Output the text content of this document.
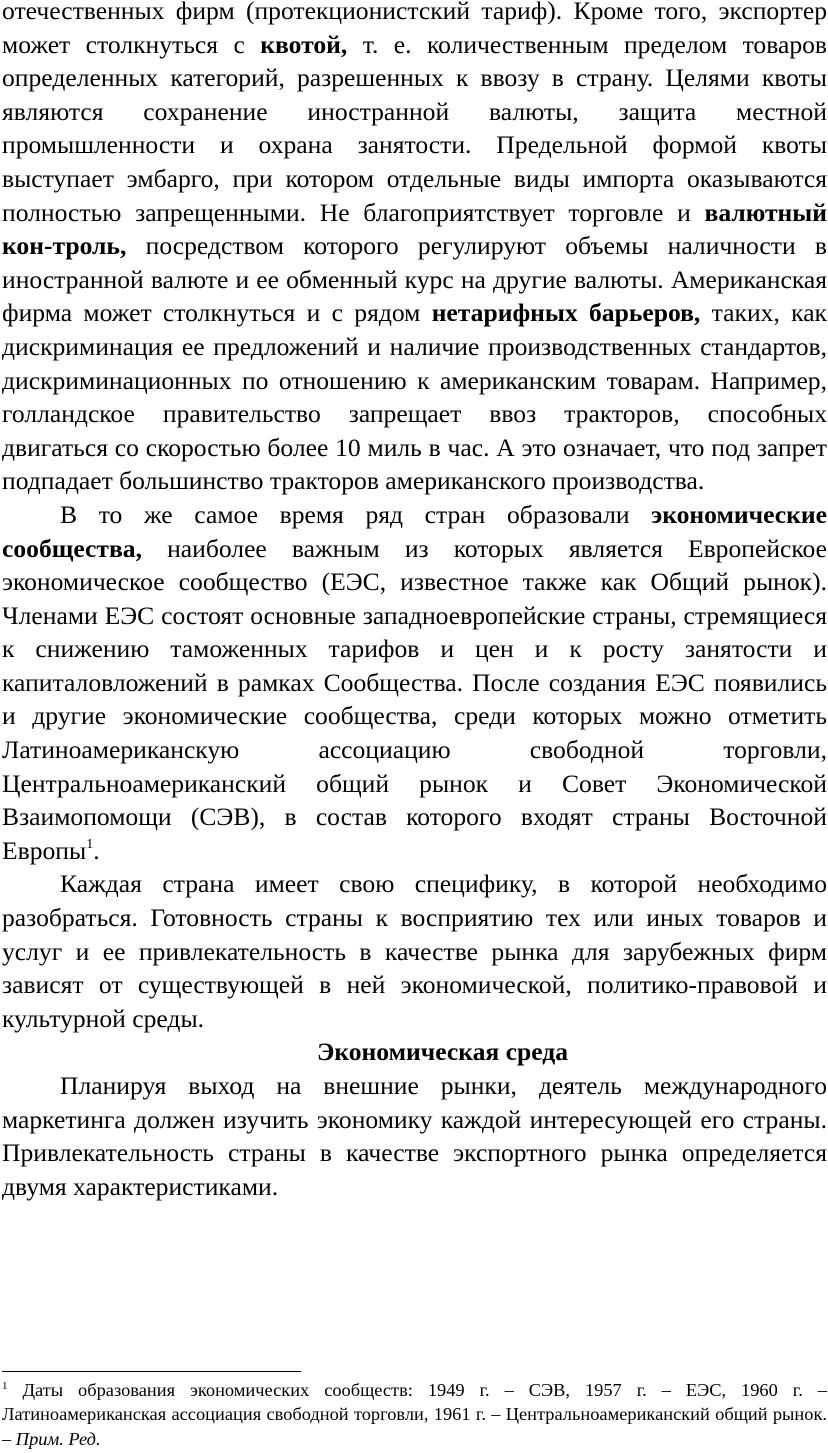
отечественных фирм (протекционистский тариф). Кроме того, экспортер может столкнуться с квотой, т. е. количественным пределом товаров определенных категорий, разрешенных к ввозу в страну. Целями квоты являются сохранение иностранной валюты, защита местной промышленности и охрана занятости. Предельной формой квоты выступает эмбарго, при котором отдельные виды импорта оказываются полностью запрещенными. Не благоприятствует торговле и валютный кон-троль, посредством которого регулируют объемы наличности в иностранной валюте и ее обменный курс на другие валюты. Американская фирма может столкнуться и с рядом нетарифных барьеров, таких, как дискриминация ее предложений и наличие производственных стандартов, дискриминационных по отношению к американским товарам. Например, голландское правительство запрещает ввоз тракторов, способных двигаться со скоростью более 10 миль в час. А это означает, что под запрет подпадает большинство тракторов американского производства.

В то же самое время ряд стран образовали экономические сообщества, наиболее важным из которых является Европейское экономическое сообщество (ЕЭС, известное также как Общий рынок). Членами ЕЭС состоят основные западноевропейские страны, стремящиеся к снижению таможенных тарифов и цен и к росту занятости и капиталовложений в рамках Сообщества. После создания ЕЭС появились и другие экономические сообщества, среди которых можно отметить Латиноамериканскую ассоциацию свободной торговли, Центральноамериканский общий рынок и Совет Экономической Взаимопомощи (СЭВ), в состав которого входят страны Восточной Европы$^1$.

Каждая страна имеет свою специфику, в которой необходимо разобраться. Готовность страны к восприятию тех или иных товаров и услуг и ее привлекательность в качестве рынка для зарубежных фирм зависят от существующей в ней экономической, политико-правовой и культурной среды.

Экономическая среда

Планируя выход на внешние рынки, деятель международного маркетинга должен изучить экономику каждой интересующей его страны. Привлекательность страны в качестве экспортного рынка определяется двумя характеристиками.

$^1$ Даты образования экономических сообществ: 1949 г. – СЭВ, 1957 г. – ЕЭС, 1960 г. – Латиноамериканская ассоциация свободной торговли, 1961 г. – Центральноамериканский общий рынок. – Прим. Ред.
